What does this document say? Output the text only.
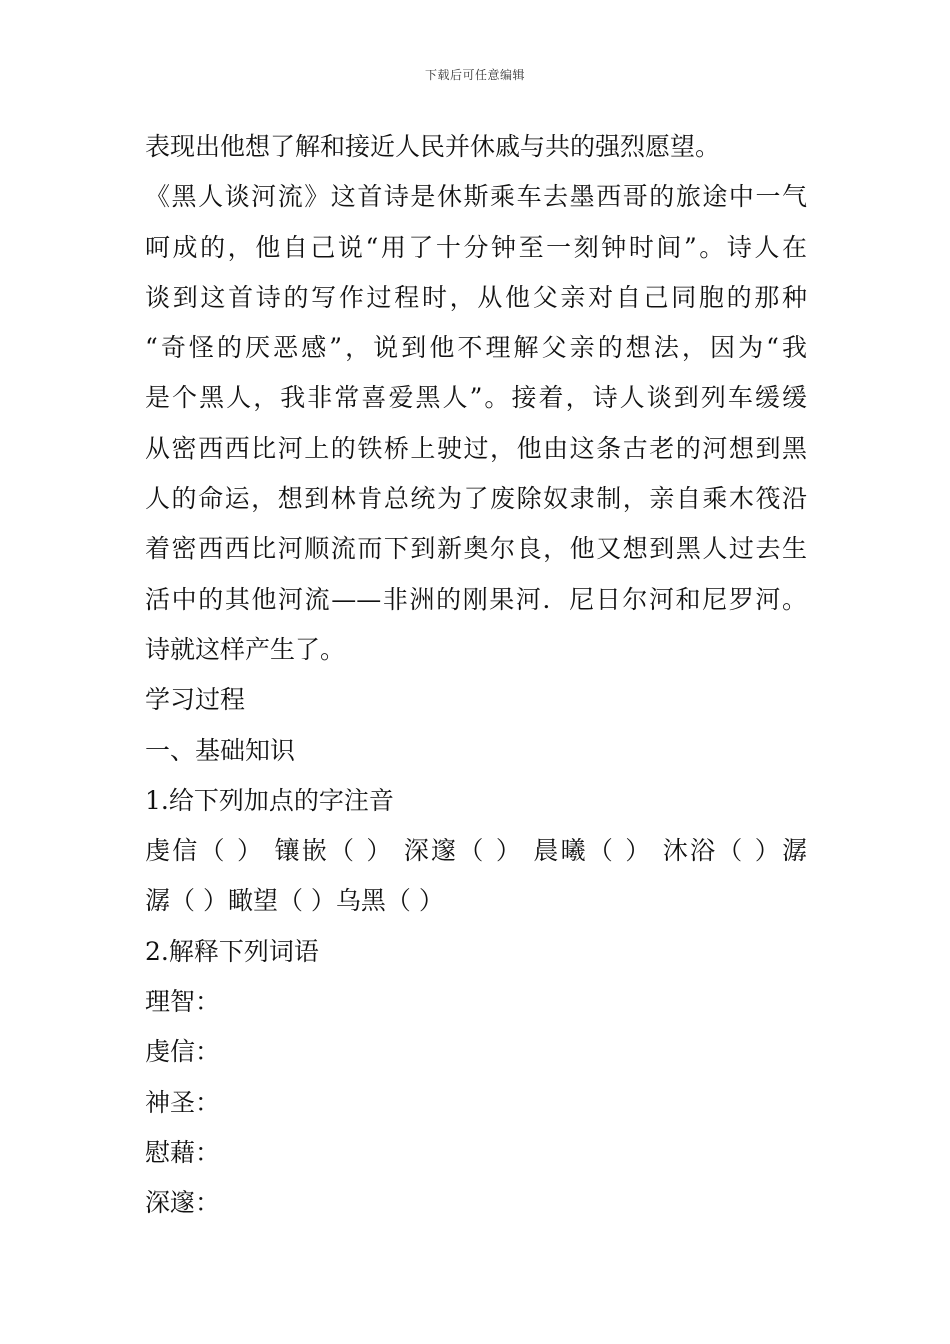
下载后可任意编辑
表现出他想了解和接近人民并休戚与共的强烈愿望。
《黑人谈河流》这首诗是休斯乘车去墨西哥的旅途中一气
呵成的，他自己说“用了十分钟至一刻钟时间”。诗人在
谈到这首诗的写作过程时，从他父亲对自己同胞的那种
“奇怪的厌恶感”，说到他不理解父亲的想法，因为“我
是个黑人，我非常喜爱黑人”。接着，诗人谈到列车缓缓
从密西西比河上的铁桥上驶过，他由这条古老的河想到黑
人的命运，想到林肯总统为了废除奴隶制，亲自乘木筏沿
着密西西比河顺流而下到新奥尔良，他又想到黑人过去生
活中的其他河流——非洲的刚果河．尼日尔河和尼罗河。
诗就这样产生了。
学习过程
一、基础知识
1.给下列加点的字注音
虔信（ ） 镶嵌（ ） 深邃（ ） 晨曦（ ） 沐浴（ ）潺
潺（ ）瞰望（ ）乌黑（ ）
2.解释下列词语
理智：
虔信：
神圣：
慰藉：
深邃：
